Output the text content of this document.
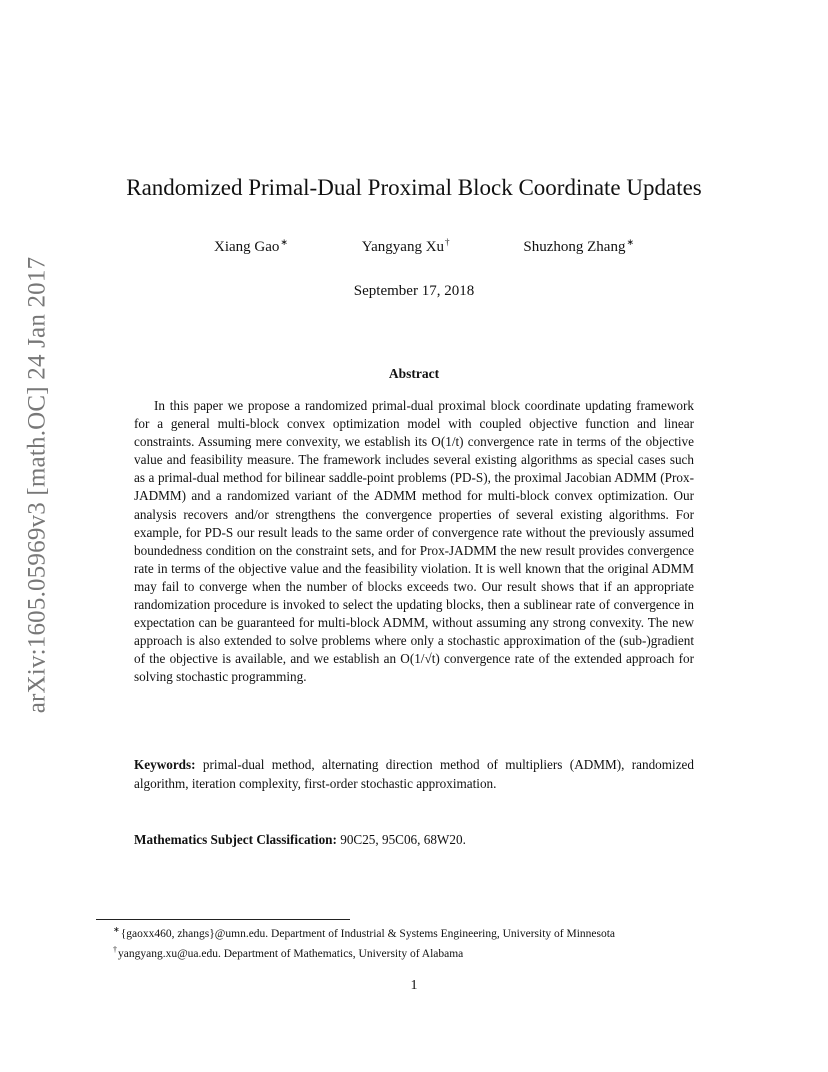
arXiv:1605.05969v3 [math.OC] 24 Jan 2017
Randomized Primal-Dual Proximal Block Coordinate Updates
Xiang Gao∗	Yangyang Xu†	Shuzhong Zhang∗
September 17, 2018
Abstract

In this paper we propose a randomized primal-dual proximal block coordinate updating framework for a general multi-block convex optimization model with coupled objective function and linear constraints. Assuming mere convexity, we establish its O(1/t) convergence rate in terms of the objective value and feasibility measure. The framework includes several existing algorithms as special cases such as a primal-dual method for bilinear saddle-point problems (PD-S), the proximal Jacobian ADMM (Prox-JADMM) and a randomized variant of the ADMM method for multi-block convex optimization. Our analysis recovers and/or strengthens the convergence properties of several existing algorithms. For example, for PD-S our result leads to the same order of convergence rate without the previously assumed boundedness condition on the constraint sets, and for Prox-JADMM the new result provides convergence rate in terms of the objective value and the feasibility violation. It is well known that the original ADMM may fail to converge when the number of blocks exceeds two. Our result shows that if an appropriate randomization procedure is invoked to select the updating blocks, then a sublinear rate of convergence in expectation can be guaranteed for multi-block ADMM, without assuming any strong convexity. The new approach is also extended to solve problems where only a stochastic approximation of the (sub-)gradient of the objective is available, and we establish an O(1/√t) convergence rate of the extended approach for solving stochastic programming.

Keywords: primal-dual method, alternating direction method of multipliers (ADMM), randomized algorithm, iteration complexity, first-order stochastic approximation.

Mathematics Subject Classification: 90C25, 95C06, 68W20.

∗{gaoxx460, zhangs}@umn.edu. Department of Industrial & Systems Engineering, University of Minnesota
†yangyang.xu@ua.edu. Department of Mathematics, University of Alabama
1
